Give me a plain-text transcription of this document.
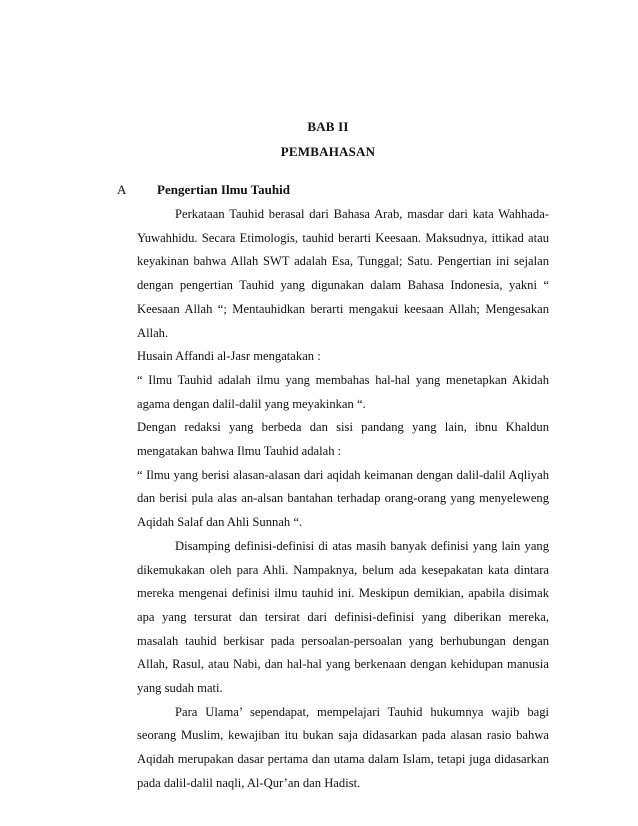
BAB II
PEMBAHASAN
A Pengertian Ilmu Tauhid

Perkataan Tauhid berasal dari Bahasa Arab, masdar dari kata Wahhada-Yuwahhidu. Secara Etimologis, tauhid berarti Keesaan. Maksudnya, ittikad atau keyakinan bahwa Allah SWT adalah Esa, Tunggal; Satu. Pengertian ini sejalan dengan pengertian Tauhid yang digunakan dalam Bahasa Indonesia, yakni “ Keesaan Allah “; Mentauhidkan berarti mengakui keesaan Allah; Mengesakan Allah.

Husain Affandi al-Jasr mengatakan :

“ Ilmu Tauhid adalah ilmu yang membahas hal-hal yang menetapkan Akidah agama dengan dalil-dalil yang meyakinkan “.

Dengan redaksi yang berbeda dan sisi pandang yang lain, ibnu Khaldun mengatakan bahwa Ilmu Tauhid adalah :

“ Ilmu yang berisi alasan-alasan dari aqidah keimanan dengan dalil-dalil Aqliyah dan berisi pula alas an-alsan bantahan terhadap orang-orang yang menyeleweng Aqidah Salaf dan Ahli Sunnah “.

Disamping definisi-definisi di atas masih banyak definisi yang lain yang dikemukakan oleh para Ahli. Nampaknya, belum ada kesepakatan kata dintara mereka mengenai definisi ilmu tauhid ini. Meskipun demikian, apabila disimak apa yang tersurat dan tersirat dari definisi-definisi yang diberikan mereka, masalah tauhid berkisar pada persoalan-persoalan yang berhubungan dengan Allah, Rasul, atau Nabi, dan hal-hal yang berkenaan dengan kehidupan manusia yang sudah mati.

Para Ulama’ sependapat, mempelajari Tauhid hukumnya wajib bagi seorang Muslim, kewajiban itu bukan saja didasarkan pada alasan rasio bahwa Aqidah merupakan dasar pertama dan utama dalam Islam, tetapi juga didasarkan pada dalil-dalil naqli, Al-Qur’an dan Hadist.
